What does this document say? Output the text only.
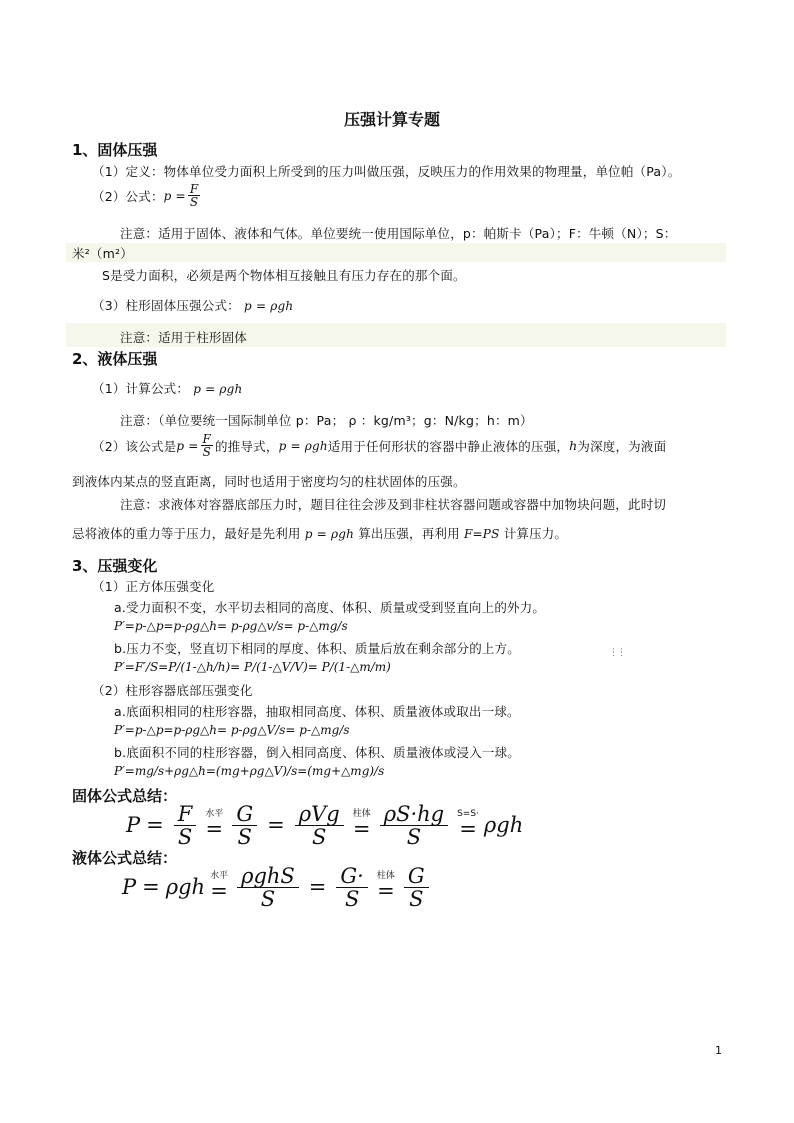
压强计算专题
1、固体压强
（1）定义：物体单位受力面积上所受到的压力叫做压强，反映压力的作用效果的物理量，单位帕（Pa）。
（2）公式： $p = \frac{F}{S}$
注意：适用于固体、液体和气体。单位要统一使用国际单位，p：帕斯卡（Pa）；F：牛顿（N）；S：
米²（m²）
S是受力面积，必须是两个物体相互接触且有压力存在的那个面。
（3）柱形固体压强公式： p = ρgh
注意：适用于柱形固体
2、液体压强
（1）计算公式： p = ρgh
注意：（单位要统一国际制单位 p：Pa； ρ ：kg/m³；g：N/kg；h：m）
（2）该公式是 $p = \frac{F}{S}$ 的推导式， p = ρgh 适用于任何形状的容器中静止液体的压强， h 为深度，为液面
到液体内某点的竖直距离，同时也适用于密度均匀的柱状固体的压强。
注意：求液体对容器底部压力时，题目往往会涉及到非柱状容器问题或容器中加物块问题，此时切
忌将液体的重力等于压力，最好是先利用 p = ρgh 算出压强，再利用 F=PS 计算压力。
3、压强变化
（1）正方体压强变化
a.受力面积不变，水平切去相同的高度、体积、质量或受到竖直向上的外力。
P′=p-△p=p-ρg△h= p-ρg△v/s= p-△mg/s
b.压力不变，竖直切下相同的厚度、体积、质量后放在剩余部分的上方。	⋮⋮
P′=F′/S=P/(1-△h/h)= P/(1-△V/V)= P/(1-△m/m)
（2）柱形容器底部压强变化
a.底面积相同的柱形容器，抽取相同高度、体积、质量液体或取出一球。
P′=p-△p=p-ρg△h= p-ρg△V/s= p-△mg/s
b.底面积不同的柱形容器，倒入相同高度、体积、质量液体或浸入一球。
P′=mg/s+ρg△h=(mg+ρg△V)/s=(mg+△mg)/s
固体公式总结：
$P = \frac{F}{S}$ 水平
= $\frac{G}{S} = \frac{\text{ρVg}}{S}$ 柱体
= $\frac{\rho S\cdot hg}{S} S=S\cdot$
= ρgh
液体公式总结：
P = ρgh 水平
= $\frac{\text{ρghS}}{S} = \frac{G\cdot}{S}$ 柱体
= $\frac{G}{S}$
1
